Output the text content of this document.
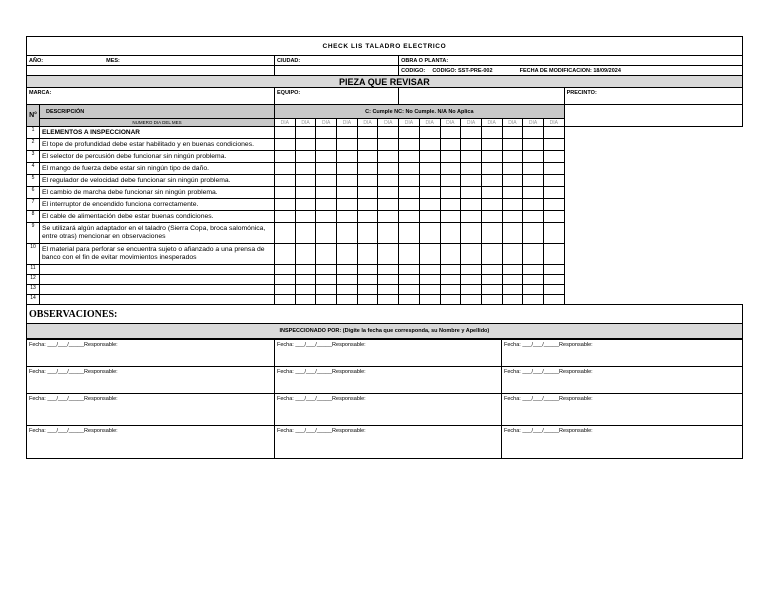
CHECK LIS TALADRO ELECTRICO																
AÑO: MES:		CIUDAD:						OBRA O PLANTA:								
								CODIGO: CODIGO: SST-PRE-002 FECHA DE MODIFICACION: 18/09/2024								
PIEZA QUE REVISAR																
MARCA:		EQUIPO:														PRECINTO:
N°	DESCRIPCIÓN	C: Cumple NC: No Cumple. N/A No Aplica														
	NUMERO DIA DEL MES	DIA	DIA	DIA	DIA	DIA	DIA	DIA	DIA	DIA	DIA	DIA	DIA	DIA	DIA	
1	ELEMENTOS A INSPECCIONAR															
2	El tope de profundidad debe estar habilitado y en buenas condiciones.															
3	El selector de percusión debe funcionar sin ningún problema.															
4	El mango de fuerza debe estar sin ningún tipo de daño.															
5	El regulador de velocidad debe funcionar sin ningún problema.															
6	El cambio de marcha debe funcionar sin ningún problema.															
7	El interruptor de encendido funciona correctamente.															
8	El cable de alimentación debe estar buenas condiciones.															
9	Se utilizará algún adaptador en el taladro (Sierra Copa, broca salomónica, entre otras) mencionar en observaciones															
10	El material para perforar se encuentra sujeto o afianzado a una prensa de banco con el fin de evitar movimientos inesperados															
11																
12																
13																
14																
OBSERVACIONES:																
INSPECCIONADO POR: (Digite la fecha que corresponda, su Nombre y Apellido)																
Fecha: ___/___/_____Responsable:	Fecha: ___/___/_____Responsable:	Fecha: ___/___/_____Responsable:
Fecha: ___/___/_____Responsable:	Fecha: ___/___/_____Responsable:	Fecha: ___/___/_____Responsable:
Fecha: ___/___/_____Responsable:	Fecha: ___/___/_____Responsable:	Fecha: ___/___/_____Responsable:
Fecha: ___/___/_____Responsable:	Fecha: ___/___/_____Responsable:	Fecha: ___/___/_____Responsable:
